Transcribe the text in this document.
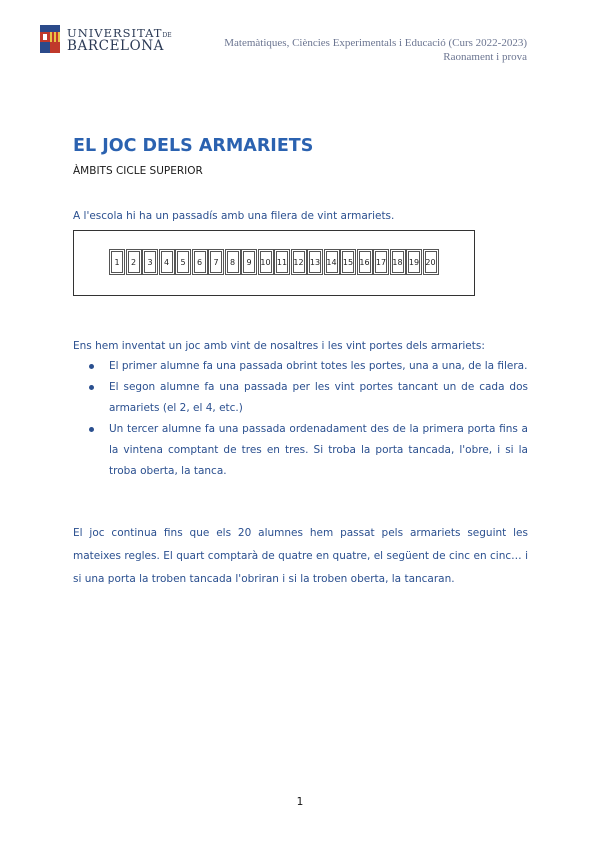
UNIVERSITATDE
BARCELONA	Matemàtiques, Ciències Experimentals i Educació (Curs 2022-2023)
Raonament i prova
EL JOC DELS ARMARIETS
ÀMBITS CICLE SUPERIOR
A l'escola hi ha un passadís amb una filera de vint armariets.
1	2	3	4	5	6	7	8	9	10 11 12 13 14 15 16 17 18 19 20
Ens hem inventat un joc amb vint de nosaltres i les vint portes dels armariets:
El primer alumne fa una passada obrint totes les portes, una a una, de la filera.
El segon alumne fa una passada per les vint portes tancant un de cada dos armariets (el 2, el 4, etc.)
Un tercer alumne fa una passada ordenadament des de la primera porta fins a la vintena comptant de tres en tres. Si troba la porta tancada, l'obre, i si la troba oberta, la tanca.

El joc continua fins que els 20 alumnes hem passat pels armariets seguint les mateixes regles. El quart comptarà de quatre en quatre, el següent de cinc en cinc… i si una porta la troben tancada l'obriran i si la troben oberta, la tancaran.

1
